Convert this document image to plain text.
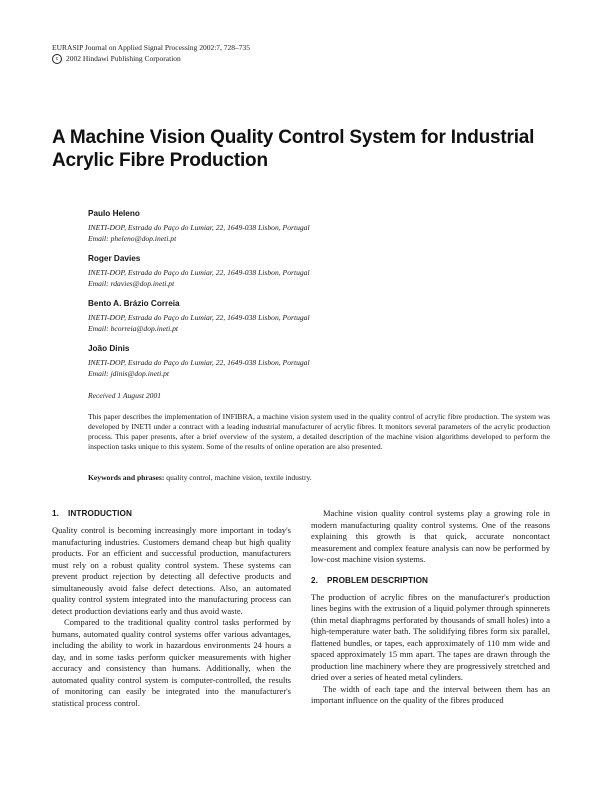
EURASIP Journal on Applied Signal Processing 2002:7, 728–735
c	2002 Hindawi Publishing Corporation
A Machine Vision Quality Control System for Industrial Acrylic Fibre Production
Paulo Heleno
INETI-DOP, Estrada do Paço do Lumiar, 22, 1649-038 Lisbon, Portugal
Email: pheleno@dop.ineti.pt
Roger Davies
INETI-DOP, Estrada do Paço do Lumiar, 22, 1649-038 Lisbon, Portugal
Email: rdavies@dop.ineti.pt
Bento A. Brázio Correia
INETI-DOP, Estrada do Paço do Lumiar, 22, 1649-038 Lisbon, Portugal
Email: bcorreia@dop.ineti.pt
João Dinis
INETI-DOP, Estrada do Paço do Lumiar, 22, 1649-038 Lisbon, Portugal
Email: jdinis@dop.ineti.pt
Received 1 August 2001

This paper describes the implementation of INFIBRA, a machine vision system used in the quality control of acrylic fibre production. The system was developed by INETI under a contract with a leading industrial manufacturer of acrylic fibres. It monitors several parameters of the acrylic production process. This paper presents, after a brief overview of the system, a detailed description of the machine vision algorithms developed to perform the inspection tasks unique to this system. Some of the results of online operation are also presented.

Keywords and phrases: quality control, machine vision, textile industry.
1. INTRODUCTION

Quality control is becoming increasingly more important in today's manufacturing industries. Customers demand cheap but high quality products. For an efficient and successful production, manufacturers must rely on a robust quality control system. These systems can prevent product rejection by detecting all defective products and simultaneously avoid false defect detections. Also, an automated quality control system integrated into the manufacturing process can detect production deviations early and thus avoid waste.

Compared to the traditional quality control tasks performed by humans, automated quality control systems offer various advantages, including the ability to work in hazardous environments 24 hours a day, and in some tasks perform quicker measurements with higher accuracy and consistency than humans. Additionally, when the automated quality control system is computer-controlled, the results of monitoring can easily be integrated into the manufacturer's statistical process control.

Machine vision quality control systems play a growing role in modern manufacturing quality control systems. One of the reasons explaining this growth is that quick, accurate noncontact measurement and complex feature analysis can now be performed by low-cost machine vision systems.

2. PROBLEM DESCRIPTION

The production of acrylic fibres on the manufacturer's production lines begins with the extrusion of a liquid polymer through spinnerets (thin metal diaphragms perforated by thousands of small holes) into a high-temperature water bath. The solidifying fibres form six parallel, flattened bundles, or tapes, each approximately of 110 mm wide and spaced approximately 15 mm apart. The tapes are drawn through the production line machinery where they are progressively stretched and dried over a series of heated metal cylinders.

The width of each tape and the interval between them has an important influence on the quality of the fibres produced
